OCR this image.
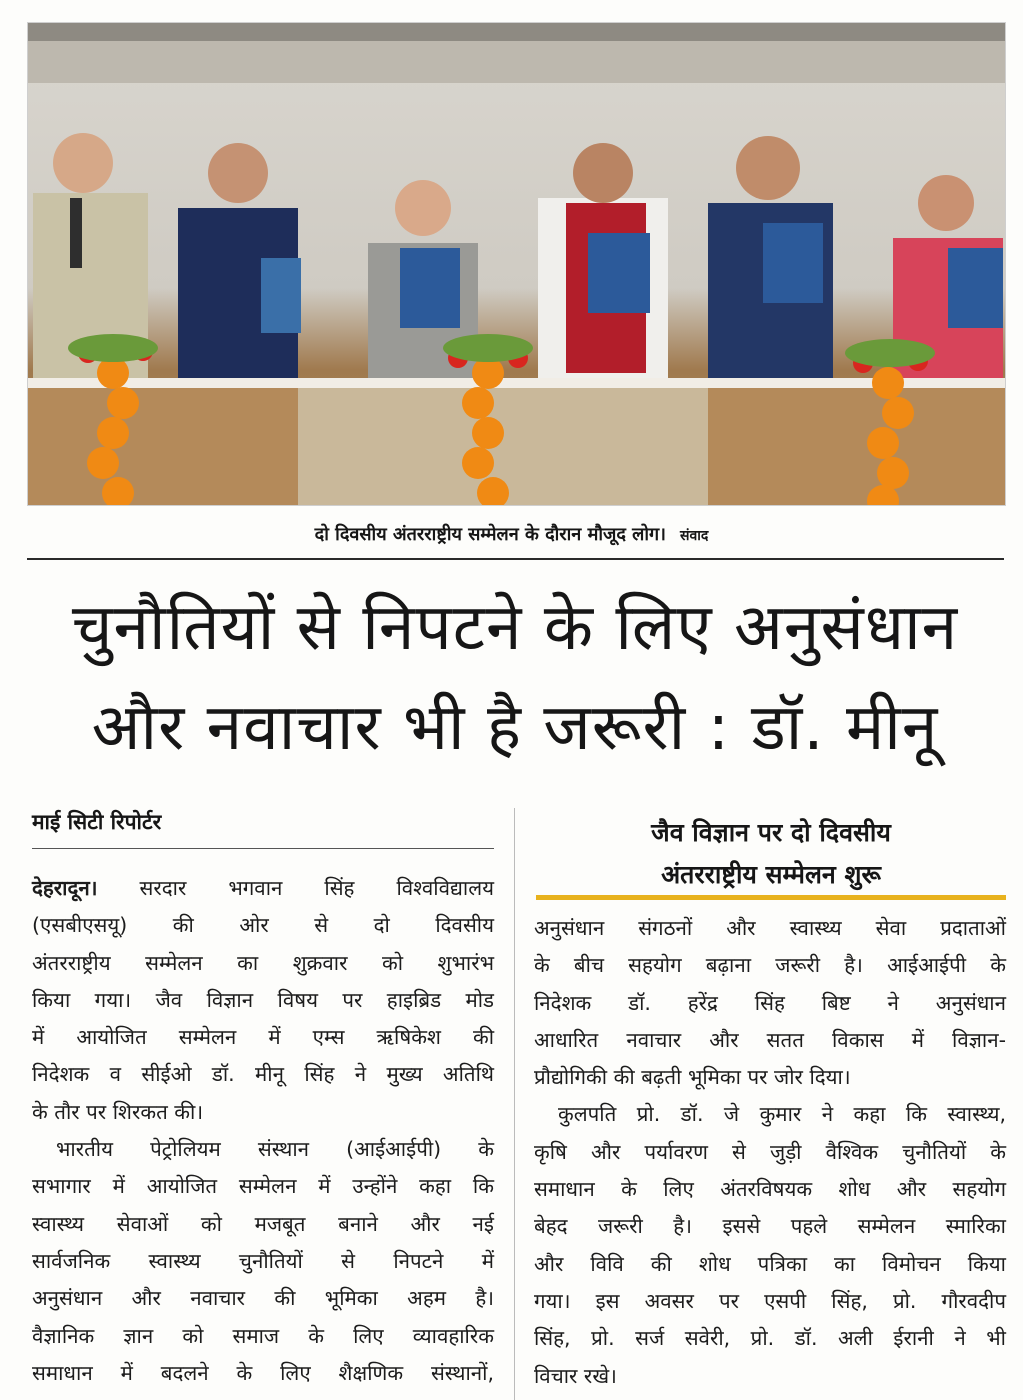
दो दिवसीय अंतरराष्ट्रीय सम्मेलन के दौरान मौजूद लोग। संवाद
चुनौतियों से निपटने के लिए अनुसंधान
और नवाचार भी है जरूरी : डॉ. मीनू
माई सिटी रिपोर्टर	जैव विज्ञान पर दो दिवसीय
अंतरराष्ट्रीय सम्मेलन शुरू
देहरादून। सरदार भगवान सिंह विश्वविद्यालय
(एसबीएसयू) की ओर से दो दिवसीय
अंतरराष्ट्रीय सम्मेलन का शुक्रवार को शुभारंभ
किया गया। जैव विज्ञान विषय पर हाइब्रिड मोड
में आयोजित सम्मेलन में एम्स ऋषिकेश की
निदेशक व सीईओ डॉ. मीनू सिंह ने मुख्य अतिथि
के तौर पर शिरकत की।
भारतीय पेट्रोलियम संस्थान (आईआईपी) के
सभागार में आयोजित सम्मेलन में उन्होंने कहा कि
स्वास्थ्य सेवाओं को मजबूत बनाने और नई
सार्वजनिक स्वास्थ्य चुनौतियों से निपटने में
अनुसंधान और नवाचार की भूमिका अहम है।
वैज्ञानिक ज्ञान को समाज के लिए व्यावहारिक
समाधान में बदलने के लिए शैक्षणिक संस्थानों,
अनुसंधान संगठनों और स्वास्थ्य सेवा प्रदाताओं
के बीच सहयोग बढ़ाना जरूरी है। आईआईपी के
निदेशक डॉ. हरेंद्र सिंह बिष्ट ने अनुसंधान
आधारित नवाचार और सतत विकास में विज्ञान-
प्रौद्योगिकी की बढ़ती भूमिका पर जोर दिया।
कुलपति प्रो. डॉ. जे कुमार ने कहा कि स्वास्थ्य,
कृषि और पर्यावरण से जुड़ी वैश्विक चुनौतियों के
समाधान के लिए अंतरविषयक शोध और सहयोग
बेहद जरूरी है। इससे पहले सम्मेलन स्मारिका
और विवि की शोध पत्रिका का विमोचन किया
गया। इस अवसर पर एसपी सिंह, प्रो. गौरवदीप
सिंह, प्रो. सर्ज सवेरी, प्रो. डॉ. अली ईरानी ने भी
विचार रखे।
